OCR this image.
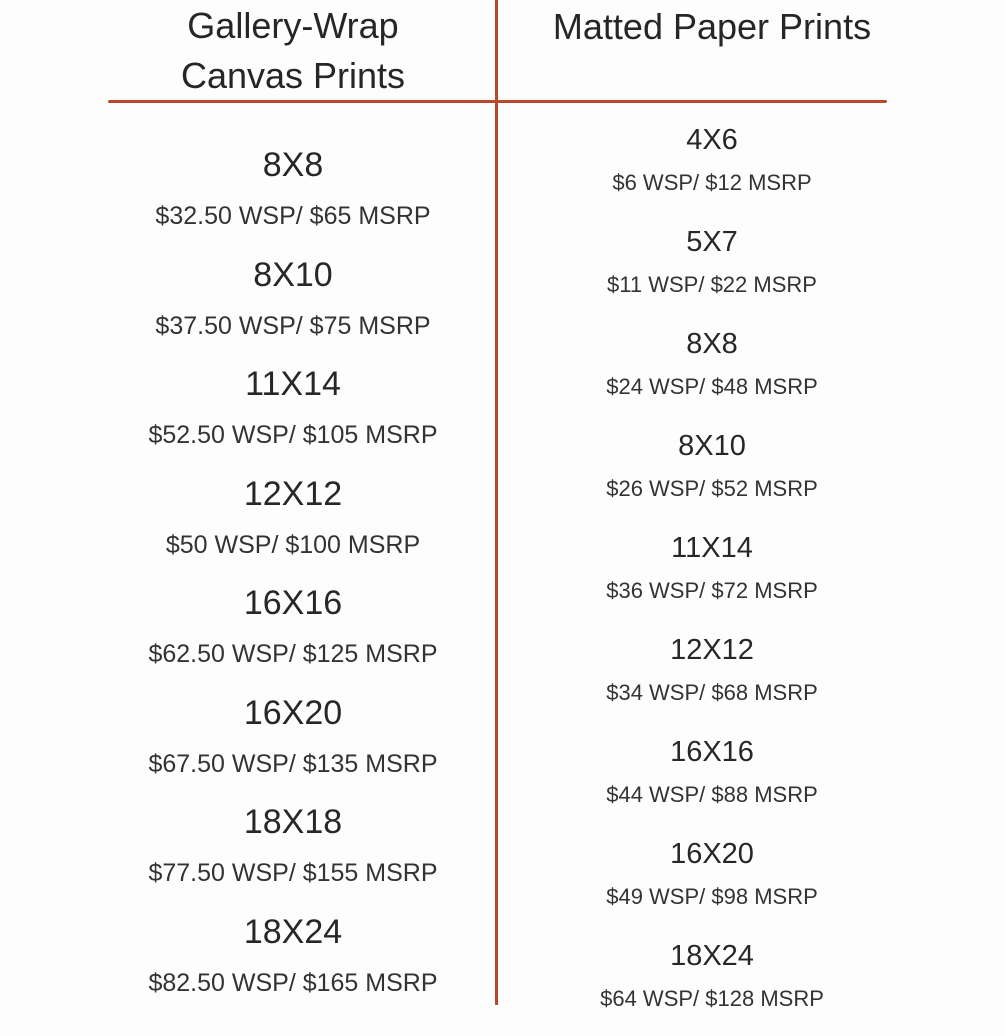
Gallery-Wrap
Canvas Prints
8X8
$32.50 WSP/ $65 MSRP
8X10
$37.50 WSP/ $75 MSRP
11X14
$52.50 WSP/ $105 MSRP
12X12
$50 WSP/ $100 MSRP
16X16
$62.50 WSP/ $125 MSRP
16X20
$67.50 WSP/ $135 MSRP
18X18
$77.50 WSP/ $155 MSRP
18X24
$82.50 WSP/ $165 MSRP
Matted Paper Prints
4X6
$6 WSP/ $12 MSRP
5X7
$11 WSP/ $22 MSRP
8X8
$24 WSP/ $48 MSRP
8X10
$26 WSP/ $52 MSRP
11X14
$36 WSP/ $72 MSRP
12X12
$34 WSP/ $68 MSRP
16X16
$44 WSP/ $88 MSRP
16X20
$49 WSP/ $98 MSRP
18X24
$64 WSP/ $128 MSRP
